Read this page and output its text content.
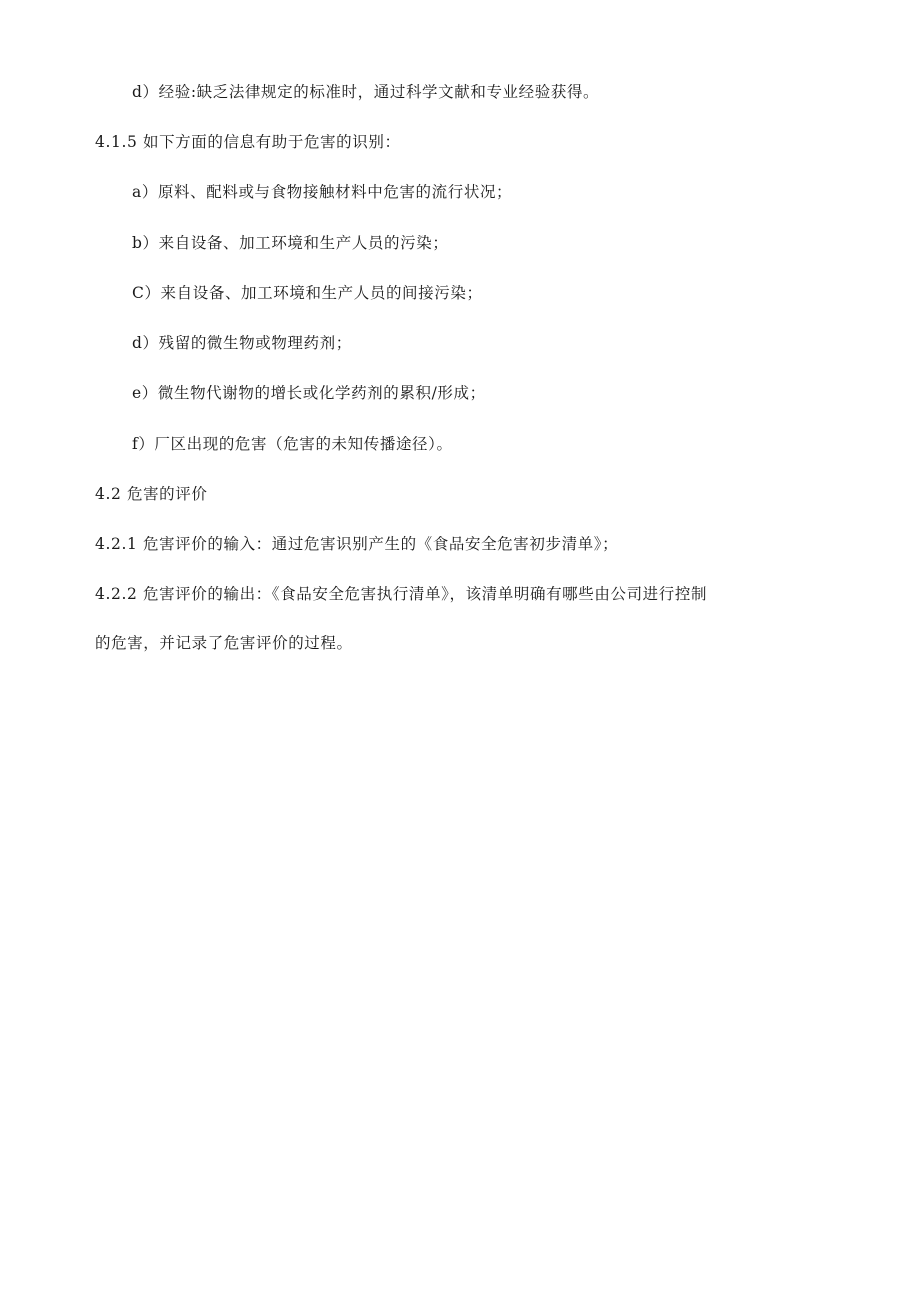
d）经验:缺乏法律规定的标准时，通过科学文献和专业经验获得。
4.1.5 如下方面的信息有助于危害的识别：
a）原料、配料或与食物接触材料中危害的流行状况；
b）来自设备、加工环境和生产人员的污染；
C）来自设备、加工环境和生产人员的间接污染；
d）残留的微生物或物理药剂；
e）微生物代谢物的增长或化学药剂的累积/形成；
f）厂区出现的危害（危害的未知传播途径）。
4.2 危害的评价
4.2.1 危害评价的输入：通过危害识别产生的《食品安全危害初步清单》；
4.2.2 危害评价的输出：《食品安全危害执行清单》，该清单明确有哪些由公司进行控制
的危害，并记录了危害评价的过程。
